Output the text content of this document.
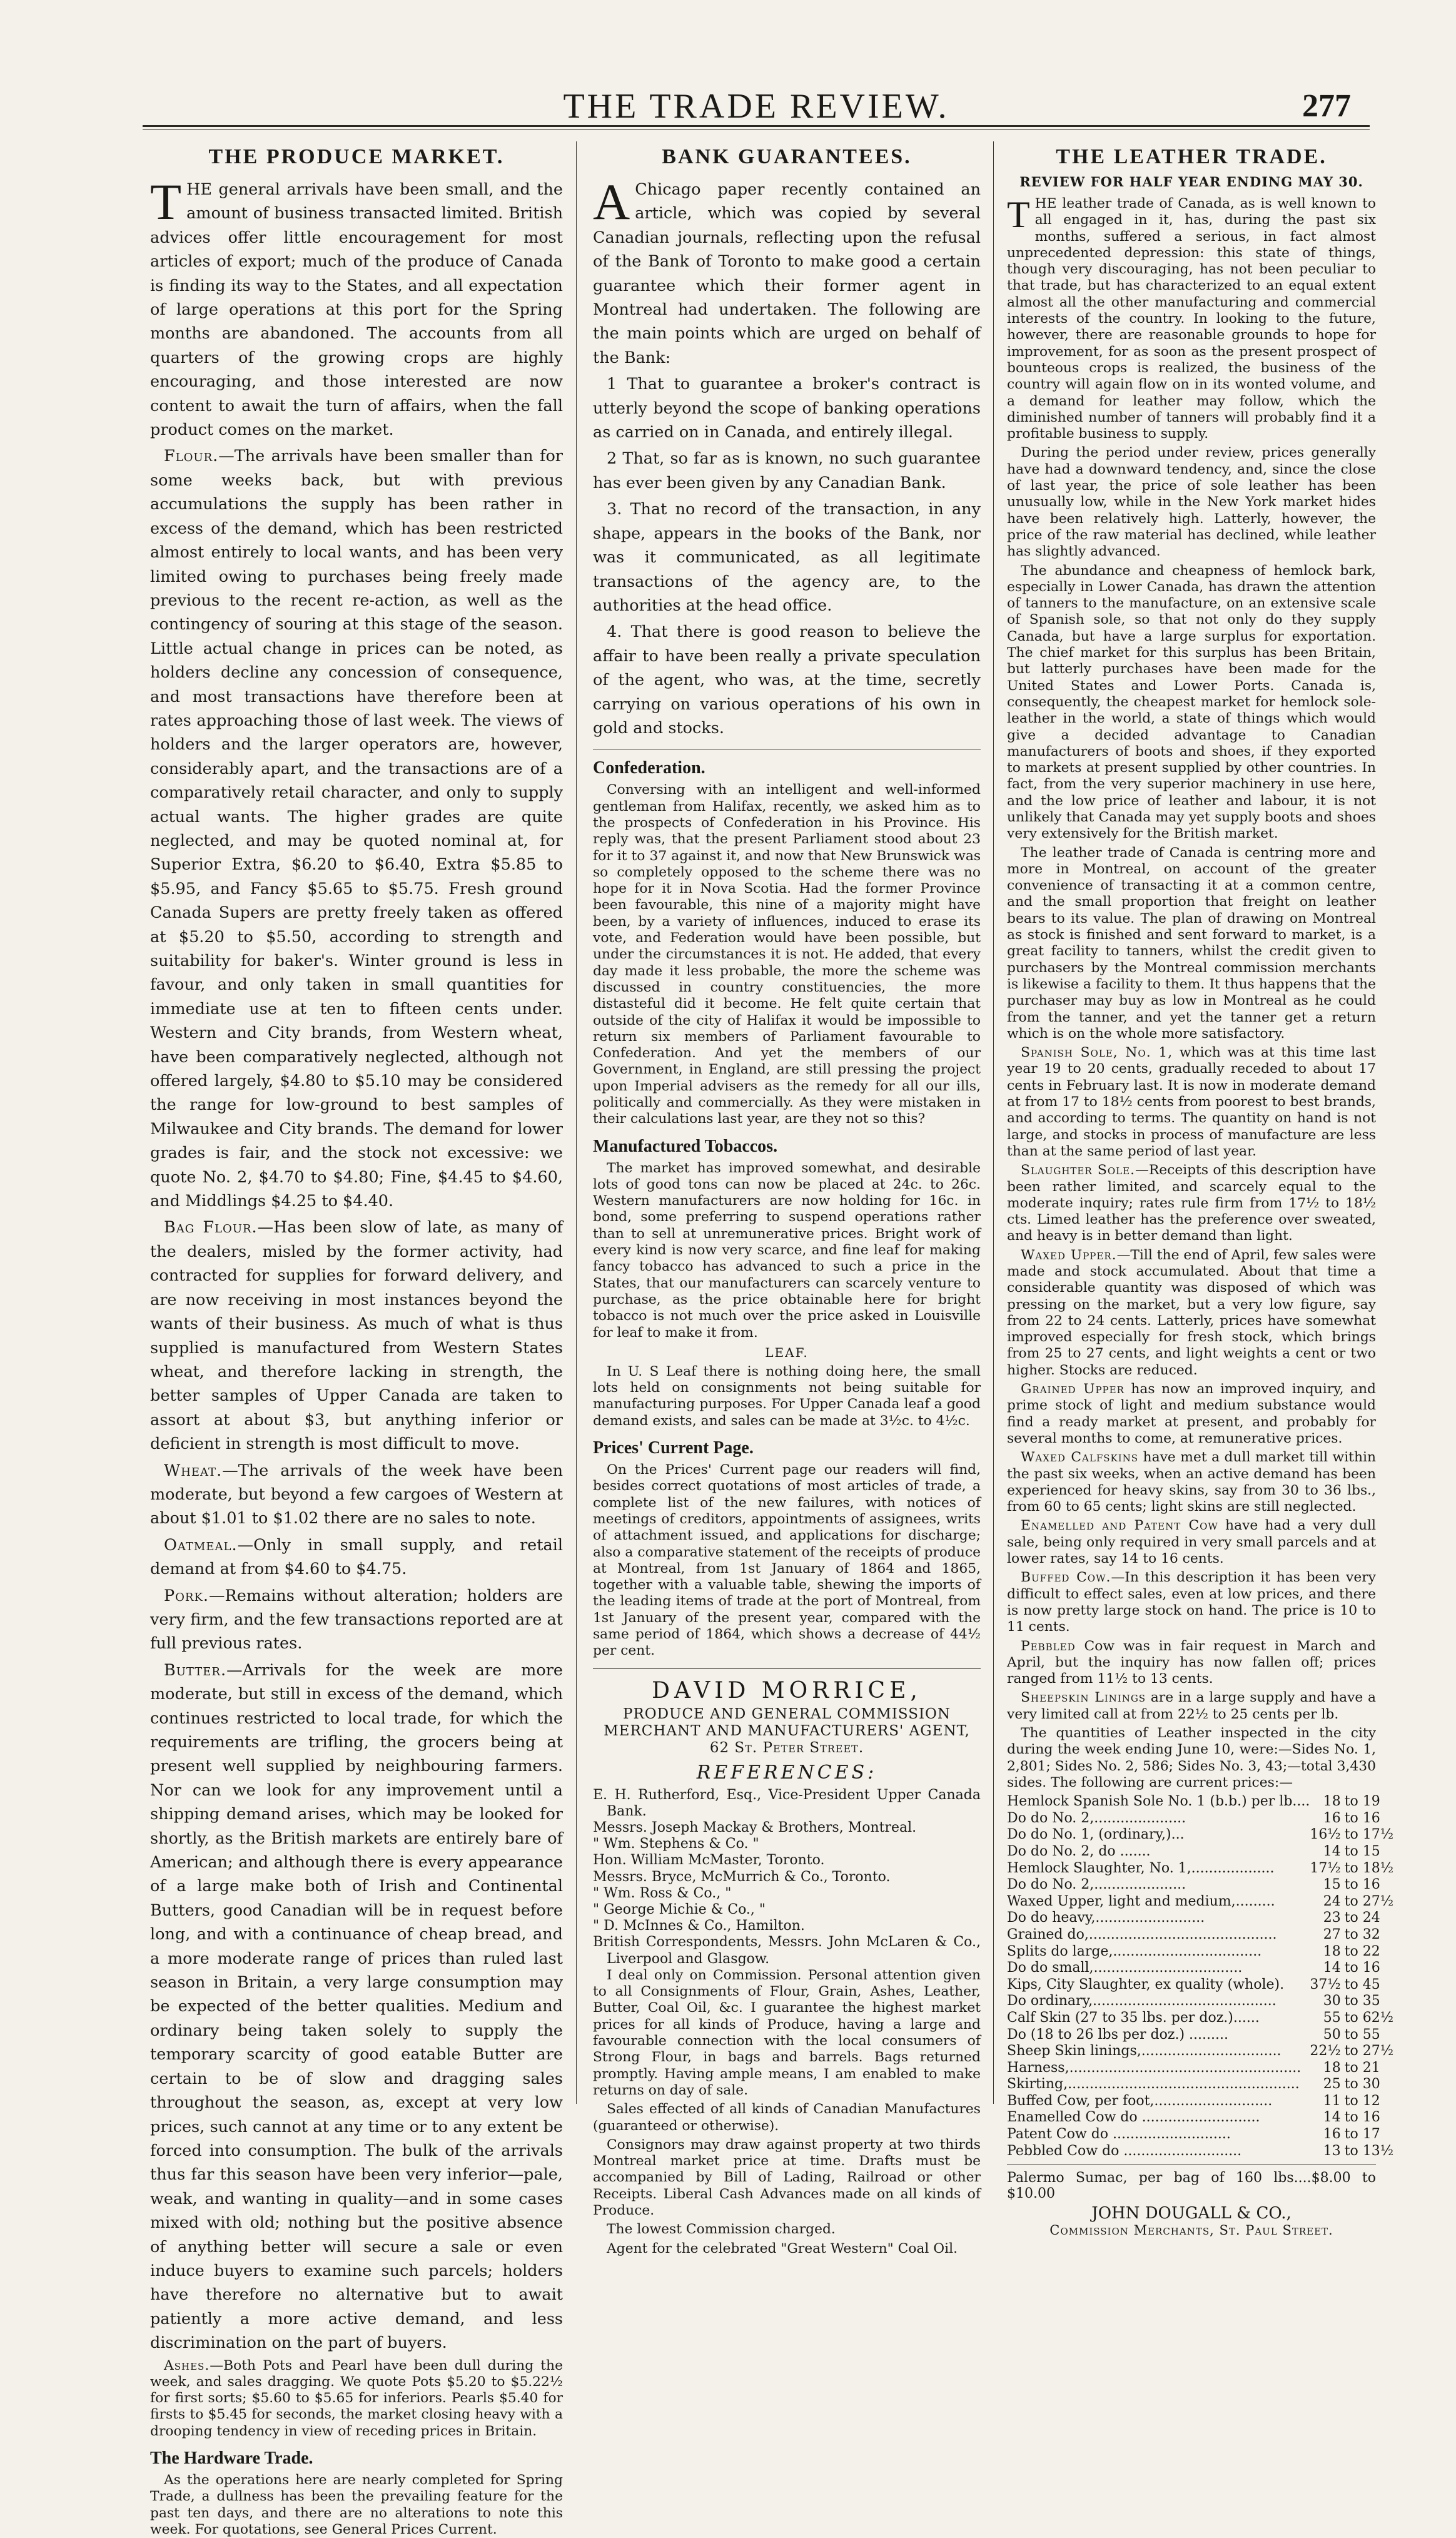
THE TRADE REVIEW.	277
THE PRODUCE MARKET.

THE general arrivals have been small, and the amount of business transacted limited. British advices offer little encouragement for most articles of export; much of the produce of Canada is finding its way to the States, and all expectation of large operations at this port for the Spring months are abandoned. The accounts from all quarters of the growing crops are highly encouraging, and those interested are now content to await the turn of affairs, when the fall product comes on the market.

Flour.—The arrivals have been smaller than for some weeks back, but with previous accumulations the supply has been rather in excess of the demand, which has been restricted almost entirely to local wants, and has been very limited owing to purchases being freely made previous to the recent re-action, as well as the contingency of souring at this stage of the season. Little actual change in prices can be noted, as holders decline any concession of consequence, and most transactions have therefore been at rates approaching those of last week. The views of holders and the larger operators are, however, considerably apart, and the transactions are of a comparatively retail character, and only to supply actual wants. The higher grades are quite neglected, and may be quoted nominal at, for Superior Extra, $6.20 to $6.40, Extra $5.85 to $5.95, and Fancy $5.65 to $5.75. Fresh ground Canada Supers are pretty freely taken as offered at $5.20 to $5.50, according to strength and suitability for baker's. Winter ground is less in favour, and only taken in small quantities for immediate use at ten to fifteen cents under. Western and City brands, from Western wheat, have been comparatively neglected, although not offered largely, $4.80 to $5.10 may be considered the range for low-ground to best samples of Milwaukee and City brands. The demand for lower grades is fair, and the stock not excessive: we quote No. 2, $4.70 to $4.80; Fine, $4.45 to $4.60, and Middlings $4.25 to $4.40.

Bag Flour.—Has been slow of late, as many of the dealers, misled by the former activity, had contracted for supplies for forward delivery, and are now receiving in most instances beyond the wants of their business. As much of what is thus supplied is manufactured from Western States wheat, and therefore lacking in strength, the better samples of Upper Canada are taken to assort at about $3, but anything inferior or deficient in strength is most difficult to move.

Wheat.—The arrivals of the week have been moderate, but beyond a few cargoes of Western at about $1.01 to $1.02 there are no sales to note.

Oatmeal.—Only in small supply, and retail demand at from $4.60 to $4.75.

Pork.—Remains without alteration; holders are very firm, and the few transactions reported are at full previous rates.

Butter.—Arrivals for the week are more moderate, but still in excess of the demand, which continues restricted to local trade, for which the requirements are trifling, the grocers being at present well supplied by neighbouring farmers. Nor can we look for any improvement until a shipping demand arises, which may be looked for shortly, as the British markets are entirely bare of American; and although there is every appearance of a large make both of Irish and Continental Butters, good Canadian will be in request before long, and with a continuance of cheap bread, and a more moderate range of prices than ruled last season in Britain, a very large consumption may be expected of the better qualities. Medium and ordinary being taken solely to supply the temporary scarcity of good eatable Butter are certain to be of slow and dragging sales throughout the season, as, except at very low prices, such cannot at any time or to any extent be forced into consumption. The bulk of the arrivals thus far this season have been very inferior—pale, weak, and wanting in quality—and in some cases mixed with old; nothing but the positive absence of anything better will secure a sale or even induce buyers to examine such parcels; holders have therefore no alternative but to await patiently a more active demand, and less discrimination on the part of buyers.

Ashes.—Both Pots and Pearl have been dull during the week, and sales dragging. We quote Pots $5.20 to $5.22½ for first sorts; $5.60 to $5.65 for inferiors. Pearls $5.40 for firsts to $5.45 for seconds, the market closing heavy with a drooping tendency in view of receding prices in Britain.

The Hardware Trade.

As the operations here are nearly completed for Spring Trade, a dullness has been the prevailing feature for the past ten days, and there are no alterations to note this week. For quotations, see General Prices Current.

BANK GUARANTEES.

A Chicago paper recently contained an article, which was copied by several Canadian journals, reflecting upon the refusal of the Bank of Toronto to make good a certain guarantee which their former agent in Montreal had undertaken. The following are the main points which are urged on behalf of the Bank:

1 That to guarantee a broker's contract is utterly beyond the scope of banking operations as carried on in Canada, and entirely illegal.

2 That, so far as is known, no such guarantee has ever been given by any Canadian Bank.

3. That no record of the transaction, in any shape, appears in the books of the Bank, nor was it communicated, as all legitimate transactions of the agency are, to the authorities at the head office.

4. That there is good reason to believe the affair to have been really a private speculation of the agent, who was, at the time, secretly carrying on various operations of his own in gold and stocks.

Confederation.

Conversing with an intelligent and well-informed gentleman from Halifax, recently, we asked him as to the prospects of Confederation in his Province. His reply was, that the present Parliament stood about 23 for it to 37 against it, and now that New Brunswick was so completely opposed to the scheme there was no hope for it in Nova Scotia. Had the former Province been favourable, this nine of a majority might have been, by a variety of influences, induced to erase its vote, and Federation would have been possible, but under the circumstances it is not. He added, that every day made it less probable, the more the scheme was discussed in country constituencies, the more distasteful did it become. He felt quite certain that outside of the city of Halifax it would be impossible to return six members of Parliament favourable to Confederation. And yet the members of our Government, in England, are still pressing the project upon Imperial advisers as the remedy for all our ills, politically and commercially. As they were mistaken in their calculations last year, are they not so this?

Manufactured Tobaccos.

The market has improved somewhat, and desirable lots of good tons can now be placed at 24c. to 26c. Western manufacturers are now holding for 16c. in bond, some preferring to suspend operations rather than to sell at unremunerative prices. Bright work of every kind is now very scarce, and fine leaf for making fancy tobacco has advanced to such a price in the States, that our manufacturers can scarcely venture to purchase, as the price obtainable here for bright tobacco is not much over the price asked in Louisville for leaf to make it from.

LEAF.

In U. S Leaf there is nothing doing here, the small lots held on consignments not being suitable for manufacturing purposes. For Upper Canada leaf a good demand exists, and sales can be made at 3½c. to 4½c.

Prices' Current Page.

On the Prices' Current page our readers will find, besides correct quotations of most articles of trade, a complete list of the new failures, with notices of meetings of creditors, appointments of assignees, writs of attachment issued, and applications for discharge; also a comparative statement of the receipts of produce at Montreal, from 1st January of 1864 and 1865, together with a valuable table, shewing the imports of the leading items of trade at the port of Montreal, from 1st January of the present year, compared with the same period of 1864, which shows a decrease of 44½ per cent.

DAVID MORRICE,
PRODUCE AND GENERAL COMMISSION MERCHANT AND MANUFACTURERS' AGENT,
62 St. Peter Street.
REFERENCES:
E. H. Rutherford, Esq., Vice-President Upper Canada Bank.
Messrs. Joseph Mackay & Brothers, Montreal.
" Wm. Stephens & Co. "
Hon. William McMaster, Toronto.
Messrs. Bryce, McMurrich & Co., Toronto.
" Wm. Ross & Co., "
" George Michie & Co., "
" D. McInnes & Co., Hamilton.
British Correspondents, Messrs. John McLaren & Co., Liverpool and Glasgow.

I deal only on Commission. Personal attention given to all Consignments of Flour, Grain, Ashes, Leather, Butter, Coal Oil, &c. I guarantee the highest market prices for all kinds of Produce, having a large and favourable connection with the local consumers of Strong Flour, in bags and barrels. Bags returned promptly. Having ample means, I am enabled to make returns on day of sale.

Sales effected of all kinds of Canadian Manufactures (guaranteed or otherwise).

Consignors may draw against property at two thirds Montreal market price at time. Drafts must be accompanied by Bill of Lading, Railroad or other Receipts. Liberal Cash Advances made on all kinds of Produce.

The lowest Commission charged.

Agent for the celebrated "Great Western" Coal Oil.

THE LEATHER TRADE.
REVIEW FOR HALF YEAR ENDING MAY 30.

THE leather trade of Canada, as is well known to all engaged in it, has, during the past six months, suffered a serious, in fact almost unprecedented depression: this state of things, though very discouraging, has not been peculiar to that trade, but has characterized to an equal extent almost all the other manufacturing and commercial interests of the country. In looking to the future, however, there are reasonable grounds to hope for improvement, for as soon as the present prospect of bounteous crops is realized, the business of the country will again flow on in its wonted volume, and a demand for leather may follow, which the diminished number of tanners will probably find it a profitable business to supply.

During the period under review, prices generally have had a downward tendency, and, since the close of last year, the price of sole leather has been unusually low, while in the New York market hides have been relatively high. Latterly, however, the price of the raw material has declined, while leather has slightly advanced.

The abundance and cheapness of hemlock bark, especially in Lower Canada, has drawn the attention of tanners to the manufacture, on an extensive scale of Spanish sole, so that not only do they supply Canada, but have a large surplus for exportation. The chief market for this surplus has been Britain, but latterly purchases have been made for the United States and Lower Ports. Canada is, consequently, the cheapest market for hemlock sole-leather in the world, a state of things which would give a decided advantage to Canadian manufacturers of boots and shoes, if they exported to markets at present supplied by other countries. In fact, from the very superior machinery in use here, and the low price of leather and labour, it is not unlikely that Canada may yet supply boots and shoes very extensively for the British market.

The leather trade of Canada is centring more and more in Montreal, on account of the greater convenience of transacting it at a common centre, and the small proportion that freight on leather bears to its value. The plan of drawing on Montreal as stock is finished and sent forward to market, is a great facility to tanners, whilst the credit given to purchasers by the Montreal commission merchants is likewise a facility to them. It thus happens that the purchaser may buy as low in Montreal as he could from the tanner, and yet the tanner get a return which is on the whole more satisfactory.

Spanish Sole, No. 1, which was at this time last year 19 to 20 cents, gradually receded to about 17 cents in February last. It is now in moderate demand at from 17 to 18½ cents from poorest to best brands, and according to terms. The quantity on hand is not large, and stocks in process of manufacture are less than at the same period of last year.

Slaughter Sole.—Receipts of this description have been rather limited, and scarcely equal to the moderate inquiry; rates rule firm from 17½ to 18½ cts. Limed leather has the preference over sweated, and heavy is in better demand than light.

Waxed Upper.—Till the end of April, few sales were made and stock accumulated. About that time a considerable quantity was disposed of which was pressing on the market, but a very low figure, say from 22 to 24 cents. Latterly, prices have somewhat improved especially for fresh stock, which brings from 25 to 27 cents, and light weights a cent or two higher. Stocks are reduced.

Grained Upper has now an improved inquiry, and prime stock of light and medium substance would find a ready market at present, and probably for several months to come, at remunerative prices.

Waxed Calfskins have met a dull market till within the past six weeks, when an active demand has been experienced for heavy skins, say from 30 to 36 lbs., from 60 to 65 cents; light skins are still neglected.

Enamelled and Patent Cow have had a very dull sale, being only required in very small parcels and at lower rates, say 14 to 16 cents.

Buffed Cow.—In this description it has been very difficult to effect sales, even at low prices, and there is now pretty large stock on hand. The price is 10 to 11 cents.

Pebbled Cow was in fair request in March and April, but the inquiry has now fallen off; prices ranged from 11½ to 13 cents.

Sheepskin Linings are in a large supply and have a very limited call at from 22½ to 25 cents per lb.

The quantities of Leather inspected in the city during the week ending June 10, were:—Sides No. 1, 2,801; Sides No. 2, 586; Sides No. 3, 43;—total 3,430 sides. The following are current prices:—

Hemlock Spanish Sole No. 1 (b.b.) per lb....	18	to 19
Do do No. 2,.....................	16	to 16
Do do No. 1, (ordinary,)...	16½	to 17½
Do do No. 2, do .......	14	to 15
Hemlock Slaughter, No. 1,...................	17½	to 18½
Do do No. 2,.....................	15	to 16
Waxed Upper, light and medium,.........	24	to 27½
Do do heavy,.........................	23	to 24
Grained do,...........................................	27	to 32
Splits do large,..................................	18	to 22
Do do small,..................................	14	to 16
Kips, City Slaughter, ex quality (whole).	37½	to 45
Do ordinary,..........................................	30	to 35
Calf Skin (27 to 35 lbs. per doz.)......	55	to 62½
Do (18 to 26 lbs per doz.) .........	50	to 55
Sheep Skin linings,................................	22½	to 27½
Harness,.....................................................	18	to 21
Skirting,.....................................................	25	to 30
Buffed Cow, per foot,...........................	11	to 12
Enamelled Cow do ...........................	14	to 16
Patent Cow do ...........................	16	to 17
Pebbled Cow do ...........................	13	to 13½
Palermo Sumac, per bag of 160 lbs....$8.00 to $10.00
JOHN DOUGALL & CO.,
Commission Merchants, St. Paul Street.
